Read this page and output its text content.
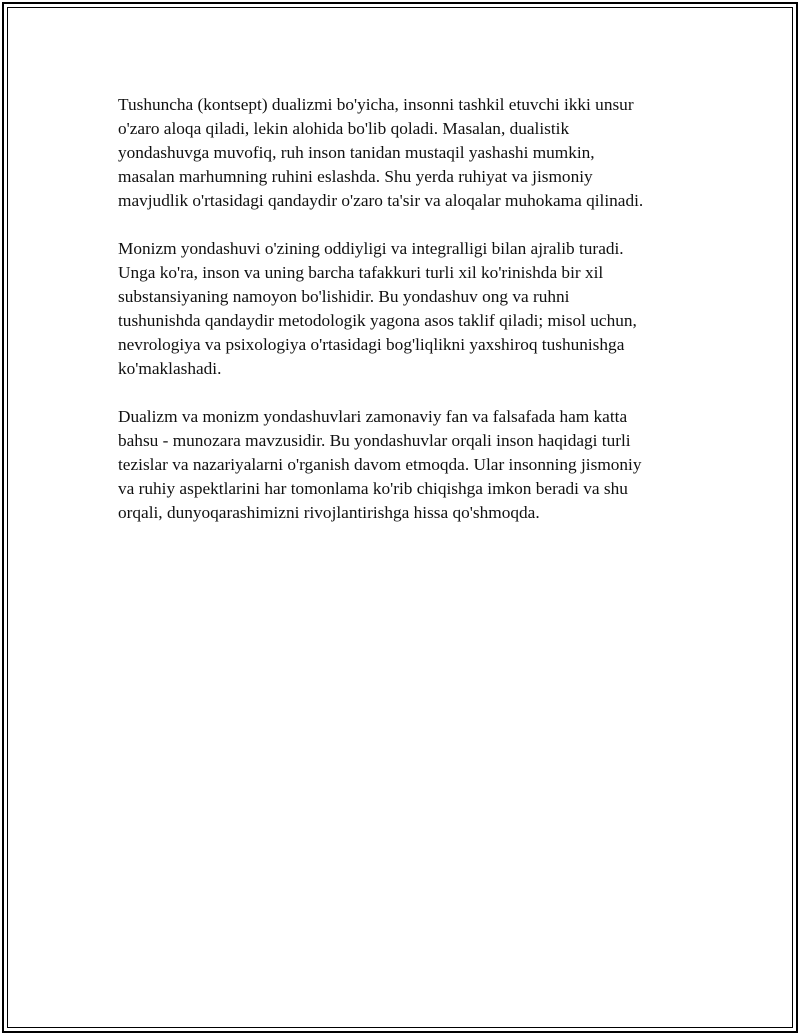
Tushuncha (kontsept) dualizmi bo'yicha, insonni tashkil etuvchi ikki unsur
o'zaro aloqa qiladi, lekin alohida bo'lib qoladi. Masalan, dualistik
yondashuvga muvofiq, ruh inson tanidan mustaqil yashashi mumkin,
masalan marhumning ruhini eslashda. Shu yerda ruhiyat va jismoniy
mavjudlik o'rtasidagi qandaydir o'zaro ta'sir va aloqalar muhokama qilinadi.

Monizm yondashuvi o'zining oddiyligi va integralligi bilan ajralib turadi.
Unga ko'ra, inson va uning barcha tafakkuri turli xil ko'rinishda bir xil
substansiyaning namoyon bo'lishidir. Bu yondashuv ong va ruhni
tushunishda qandaydir metodologik yagona asos taklif qiladi; misol uchun,
nevrologiya va psixologiya o'rtasidagi bog'liqlikni yaxshiroq tushunishga
ko'maklashadi.

Dualizm va monizm yondashuvlari zamonaviy fan va falsafada ham katta
bahsu - munozara mavzusidir. Bu yondashuvlar orqali inson haqidagi turli
tezislar va nazariyalarni o'rganish davom etmoqda. Ular insonning jismoniy
va ruhiy aspektlarini har tomonlama ko'rib chiqishga imkon beradi va shu
orqali, dunyoqarashimizni rivojlantirishga hissa qo'shmoqda.
